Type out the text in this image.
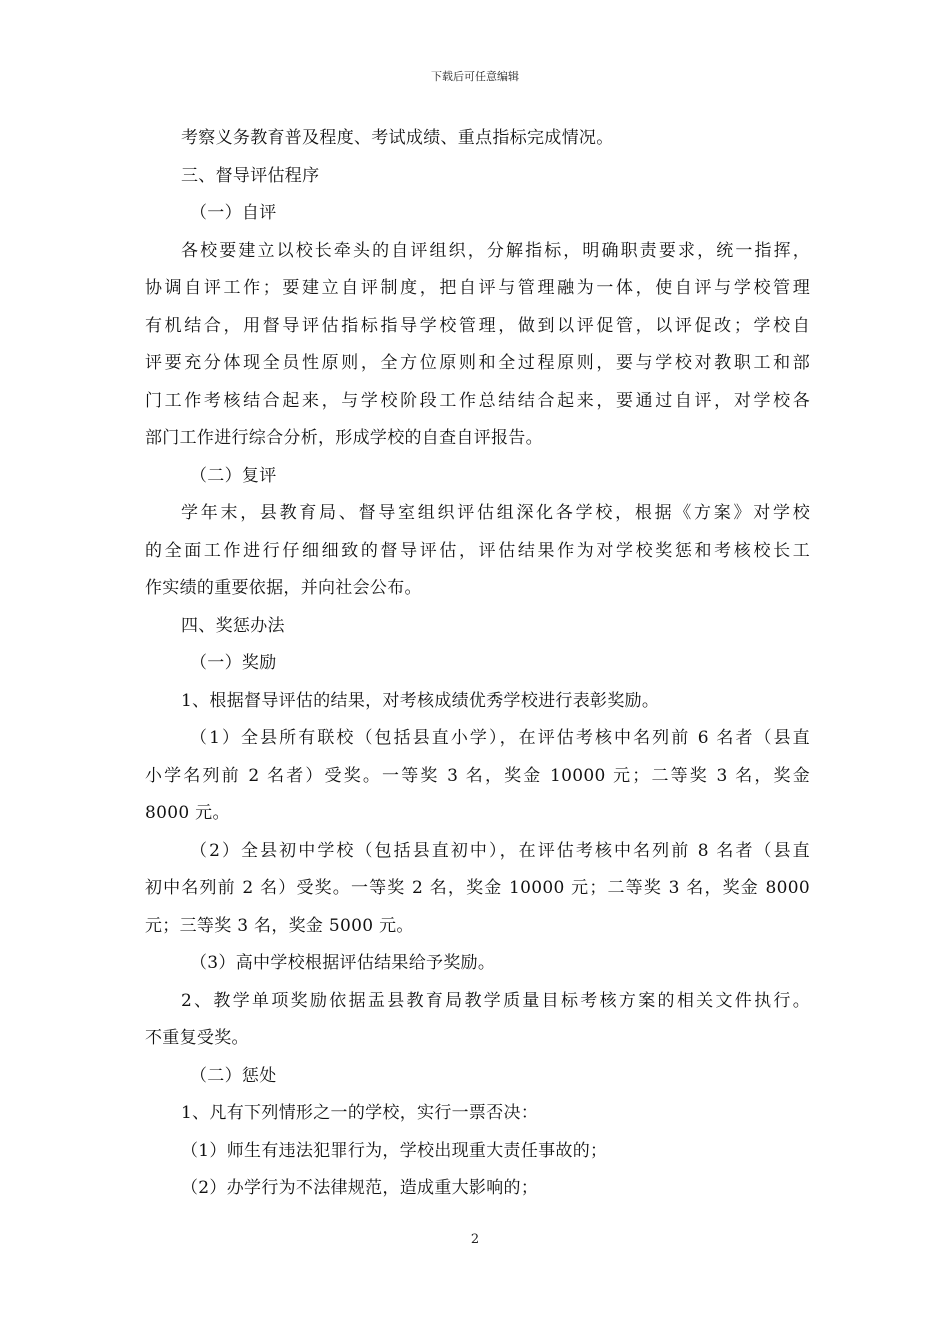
下载后可任意编辑
考察义务教育普及程度、考试成绩、重点指标完成情况。
三、督导评估程序
（一）自评
各校要建立以校长牵头的自评组织，分解指标，明确职责要求，统一指挥，
协调自评工作；要建立自评制度，把自评与管理融为一体，使自评与学校管理
有机结合，用督导评估指标指导学校管理，做到以评促管，以评促改；学校自
评要充分体现全员性原则，全方位原则和全过程原则，要与学校对教职工和部
门工作考核结合起来，与学校阶段工作总结结合起来，要通过自评，对学校各
部门工作进行综合分析，形成学校的自查自评报告。
（二）复评
学年末，县教育局、督导室组织评估组深化各学校，根据《方案》对学校
的全面工作进行仔细细致的督导评估，评估结果作为对学校奖惩和考核校长工
作实绩的重要依据，并向社会公布。
四、奖惩办法
（一）奖励
1、根据督导评估的结果，对考核成绩优秀学校进行表彰奖励。
（1）全县所有联校（包括县直小学），在评估考核中名列前 6 名者（县直
小学名列前 2 名者）受奖。一等奖 3 名，奖金 10000 元；二等奖 3 名，奖金
8000 元。
（2）全县初中学校（包括县直初中），在评估考核中名列前 8 名者（县直
初中名列前 2 名）受奖。一等奖 2 名，奖金 10000 元；二等奖 3 名，奖金 8000
元；三等奖 3 名，奖金 5000 元。
（3）高中学校根据评估结果给予奖励。
2、教学单项奖励依据盂县教育局教学质量目标考核方案的相关文件执行。
不重复受奖。
（二）惩处
1、凡有下列情形之一的学校，实行一票否决：
（1）师生有违法犯罪行为，学校出现重大责任事故的；
（2）办学行为不法律规范，造成重大影响的；
2
